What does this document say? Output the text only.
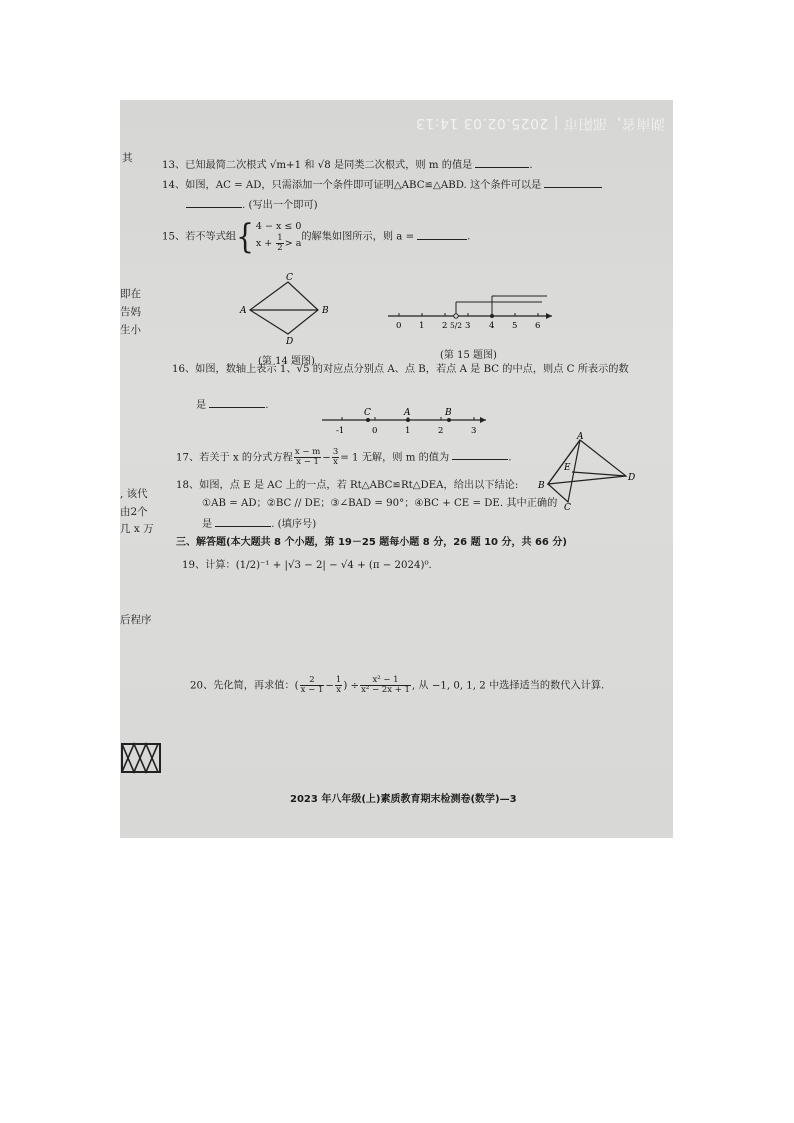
湖南省，邵阳市 | 2025.02.03 14:13
其
即在
告妈
生小
, 该代
由2个
几 x 万
后程序
13、已知最简二次根式 √m+1 和 √8 是同类二次根式，则 m 的值是	.
14、如图，AC = AD，只需添加一个条件即可证明△ABC≌△ABD. 这个条件可以是
. (写出一个即可)
15、若不等式组{ 4 − x ≤ 0
$x + \frac{1}{2} > a$的解集如图所示，则 a =	.
C
A	B
D
(第 14 题图)
0 1 2 5/2 3 4 5 6
(第 15 题图)
16、如图，数轴上表示 1、√5 的对应点分别点 A、点 B，若点 A 是 BC 的中点，则点 C 所表示的数
是	.
-1	0	1	2	3
C	A	B
17、若关于 x 的分式方程 $\frac{x - m}{x - 1} - \frac{3}{x} = 1$ 无解，则 m 的值为	.
A
B
C
D
E
18、如图，点 E 是 AC 上的一点，若 Rt△ABC≌Rt△DEA，给出以下结论:
①AB = AD；②BC // DE；③∠BAD = 90°；④BC + CE = DE. 其中正确的
是	. (填序号)
三、解答题(本大题共 8 个小题，第 19－25 题每小题 8 分，26 题 10 分，共 66 分)
19、计算：(1/2)⁻¹ + |√3 − 2| − √4 + (π − 2024)⁰.
20、先化简，再求值：( $\frac{2}{x - 1} - \frac{1}{x}$ ) ÷ $\frac{\text{x² − 1}}{\text{x² − 2x + 1}}$ , 从 −1, 0, 1, 2 中选择适当的数代入计算.
2023 年八年级(上)素质教育期末检测卷(数学)—3
